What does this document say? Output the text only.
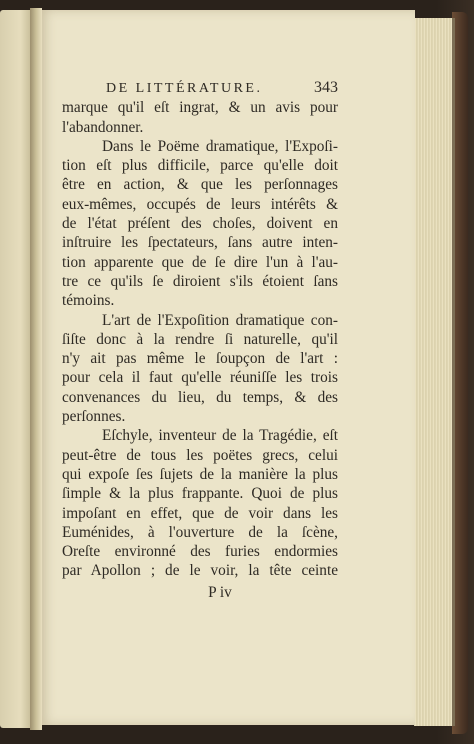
DE LITTÉRATURE.	343
marque qu'il eſt ingrat, & un avis pour
l'abandonner.
Dans le Poëme dramatique, l'Expoſi-
tion eſt plus difficile, parce qu'elle doit
être en action, & que les perſonnages
eux-mêmes, occupés de leurs intérêts &
de l'état préſent des choſes, doivent en
inſtruire les ſpectateurs, ſans autre inten-
tion apparente que de ſe dire l'un à l'au-
tre ce qu'ils ſe diroient s'ils étoient ſans
témoins.
L'art de l'Expoſition dramatique con-
ſiſte donc à la rendre ſi naturelle, qu'il
n'y ait pas même le ſoupçon de l'art :
pour cela il faut qu'elle réuniſſe les trois
convenances du lieu, du temps, & des
perſonnes.
Eſchyle, inventeur de la Tragédie, eſt
peut-être de tous les poëtes grecs, celui
qui expoſe ſes ſujets de la manière la plus
ſimple & la plus frappante. Quoi de plus
impoſant en effet, que de voir dans les
Euménides, à l'ouverture de la ſcène,
Oreſte environné des furies endormies
par Apollon ; de le voir, la tête ceinte
P iv
